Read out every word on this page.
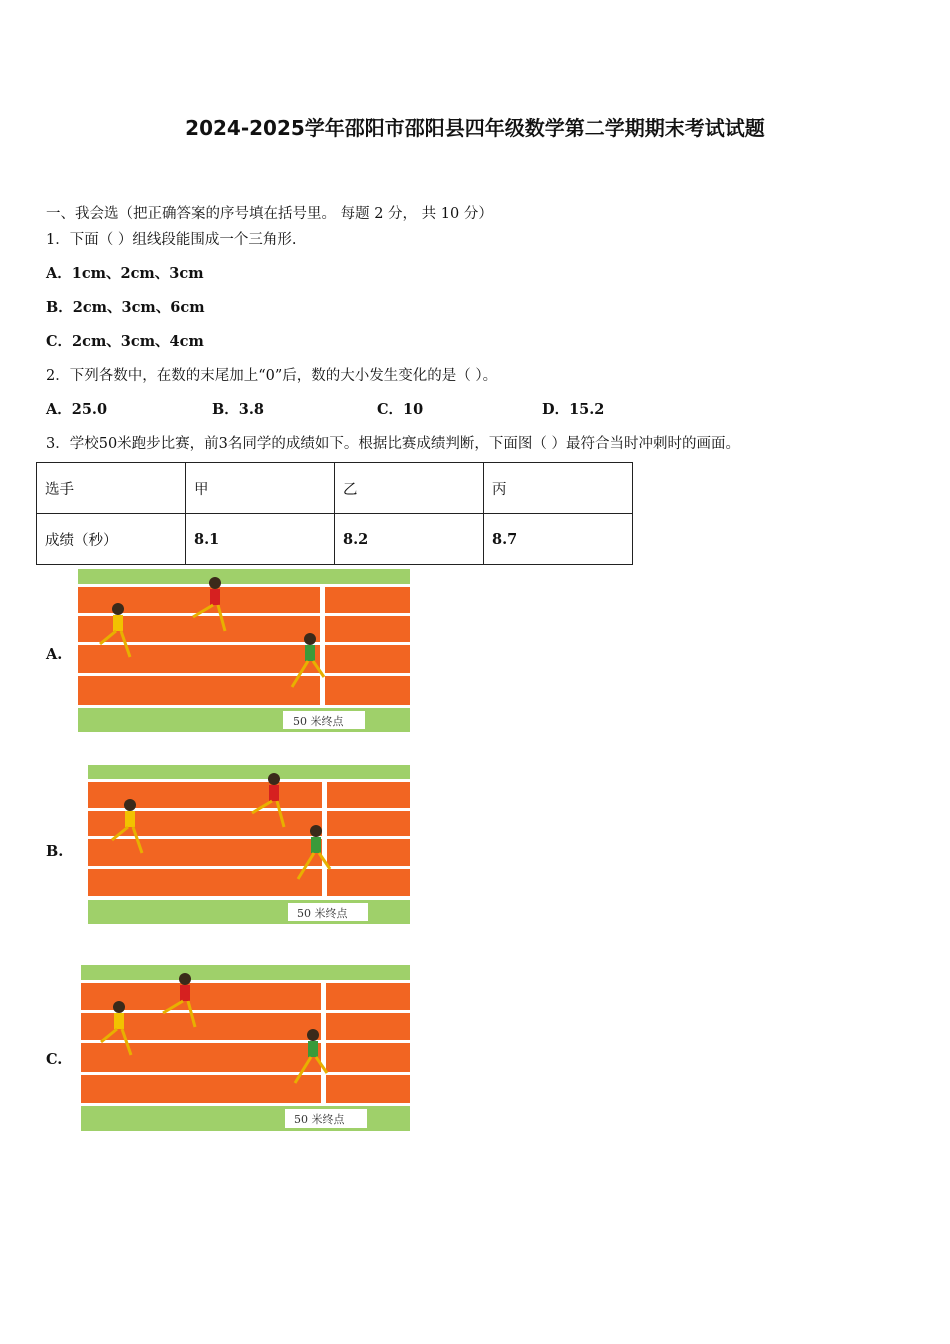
2024-2025学年邵阳市邵阳县四年级数学第二学期期末考试试题
一、我会选（把正确答案的序号填在括号里。 每题 2 分， 共 10 分）
1．下面（ ）组线段能围成一个三角形.
A．1cm、2cm、3cm
B．2cm、3cm、6cm
C．2cm、3cm、4cm
2．下列各数中，在数的末尾加上“0”后，数的大小发生变化的是（ ）。
A．25.0	B．3.8	C．10	D．15.2
3．学校50米跑步比赛，前3名同学的成绩如下。根据比赛成绩判断，下面图（ ）最符合当时冲刺时的画面。
选手	甲	乙	丙
成绩（秒）	8.1	8.2	8.7
A.
50 米终点
B.
50 米终点
C.
50 米终点
